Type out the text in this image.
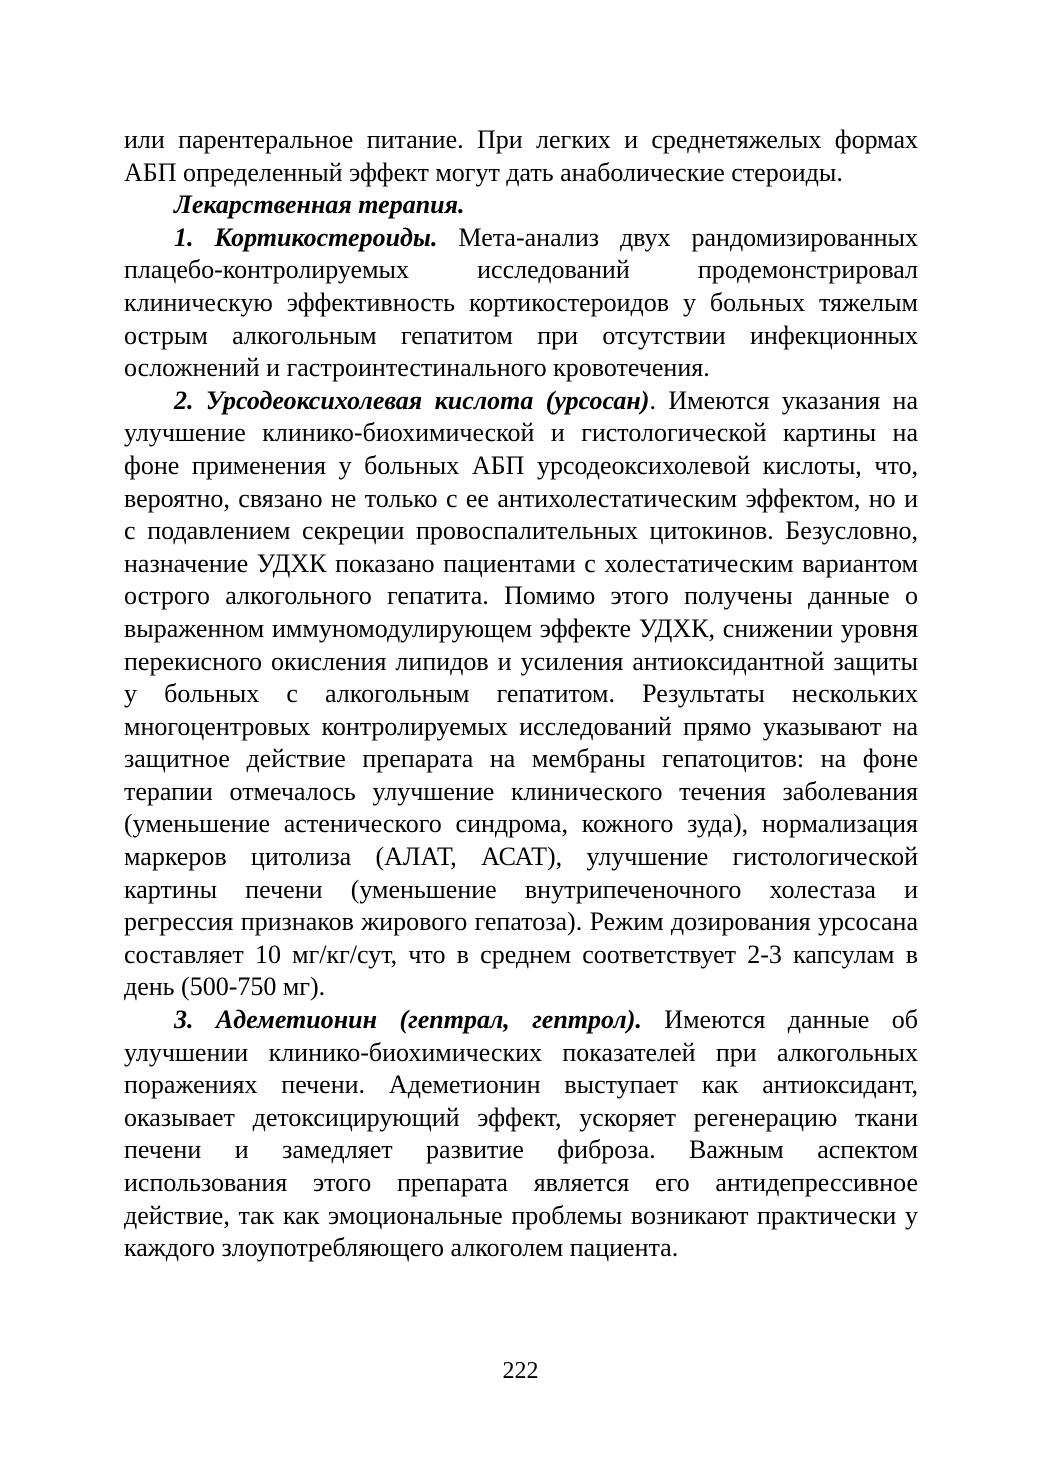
или парентеральное питание. При легких и среднетяжелых формах АБП определенный эффект могут дать анаболические стероиды.

Лекарственная терапия.

1. Кортикостероиды. Мета-анализ двух рандомизированных плацебо-контролируемых исследований продемонстрировал клиническую эффективность кортикостероидов у больных тяжелым острым алкогольным гепатитом при отсутствии инфекционных осложнений и гастроинтестинального кровотечения.

2. Урсодеоксихолевая кислота (урсосан). Имеются указания на улучшение клинико-биохимической и гистологической картины на фоне применения у больных АБП урсодеоксихолевой кислоты, что, вероятно, связано не только с ее антихолестатическим эффектом, но и с подавлением секреции провоспалительных цитокинов. Безусловно, назначение УДХК показано пациентами с холестатическим вариантом острого алкогольного гепатита. Помимо этого получены данные о выраженном иммуномодулирующем эффекте УДХК, снижении уровня перекисного окисления липидов и усиления антиоксидантной защиты у больных с алкогольным гепатитом. Результаты нескольких многоцентровых контролируемых исследований прямо указывают на защитное действие препарата на мембраны гепатоцитов: на фоне терапии отмечалось улучшение клинического течения заболевания (уменьшение астенического синдрома, кожного зуда), нормализация маркеров цитолиза (АЛАТ, АСАТ), улучшение гистологической картины печени (уменьшение внутрипеченочного холестаза и регрессия признаков жирового гепатоза). Режим дозирования урсосана составляет 10 мг/кг/сут, что в среднем соответствует 2-3 капсулам в день (500-750 мг).

3. Адеметионин (гептрал, гептрол). Имеются данные об улучшении клинико-биохимических показателей при алкогольных поражениях печени. Адеметионин выступает как антиоксидант, оказывает детоксицирующий эффект, ускоряет регенерацию ткани печени и замедляет развитие фиброза. Важным аспектом использования этого препарата является его антидепрессивное действие, так как эмоциональные проблемы возникают практически у каждого злоупотребляющего алкоголем пациента.

222
